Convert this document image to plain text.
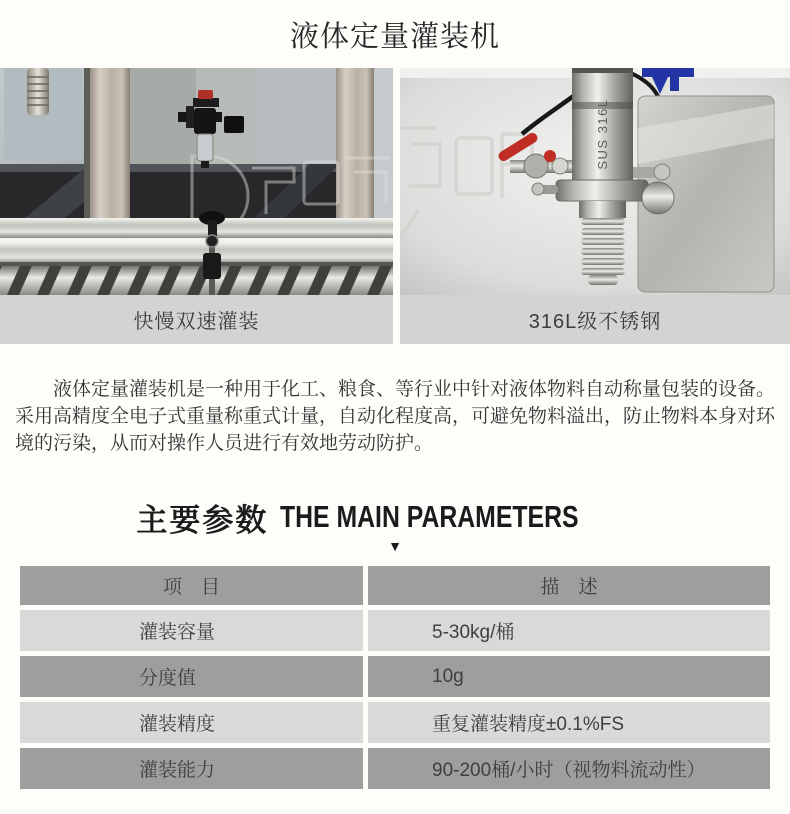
液体定量灌装机
快慢双速灌装
SUS 316L
316L级不锈钢

液体定量灌装机是一种用于化工、粮食、等行业中针对液体物料自动称量包装的设备。采用高精度全电子式重量称重式计量，自动化程度高，可避免物料溢出，防止物料本身对环境的污染，从而对操作人员进行有效地劳动防护。

主要参数 THE MAIN PARAMETERS
▼
项　目	描　述
灌装容量	5-30kg/桶
分度值	10g
灌装精度	重复灌装精度±0.1%FS
灌装能力	90-200桶/小时（视物料流动性）
